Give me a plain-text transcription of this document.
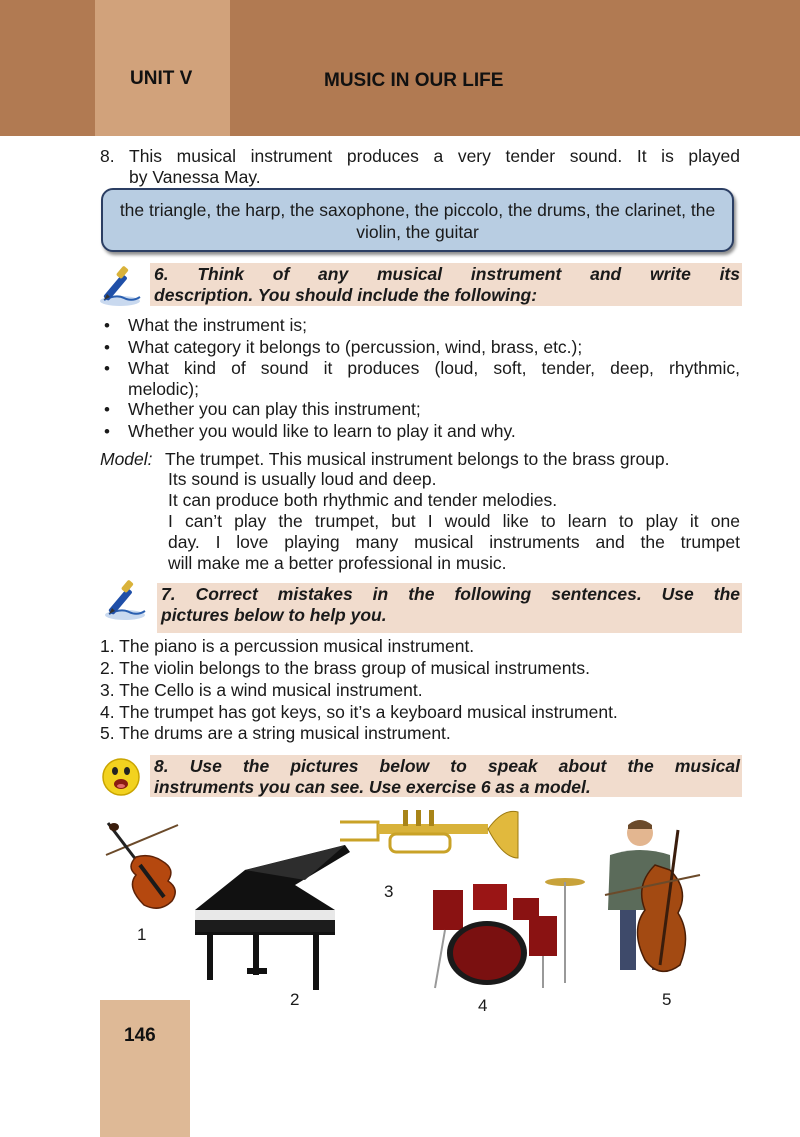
UNIT V	MUSIC IN OUR LIFE
8. This musical instrument produces a very tender sound. It is played
by Vanessa May.
the triangle, the harp, the saxophone, the piccolo, the drums, the clarinet, the violin, the guitar
6. Think of any musical instrument and write its
description. You should include the following:
• What the instrument is;
• What category it belongs to (percussion, wind, brass, etc.);
• What kind of sound it produces (loud, soft, tender, deep, rhythmic,
melodic);
• Whether you can play this instrument;
• Whether you would like to learn to play it and why.
Model: The trumpet. This musical instrument belongs to the brass group.
Its sound is usually loud and deep.
It can produce both rhythmic and tender melodies.
I can’t play the trumpet, but I would like to learn to play it one
day. I love playing many musical instruments and the trumpet
will make me a better professional in music.
7. Correct mistakes in the following sentences. Use the
pictures below to help you.
1. The piano is a percussion musical instrument.
2. The violin belongs to the brass group of musical instruments.
3. The Cello is a wind musical instrument.
4. The trumpet has got keys, so it’s a keyboard musical instrument.
5. The drums are a string musical instrument.
8. Use the pictures below to speak about the musical
instruments you can see. Use exercise 6 as a model.
1
2
3
4	5
146
